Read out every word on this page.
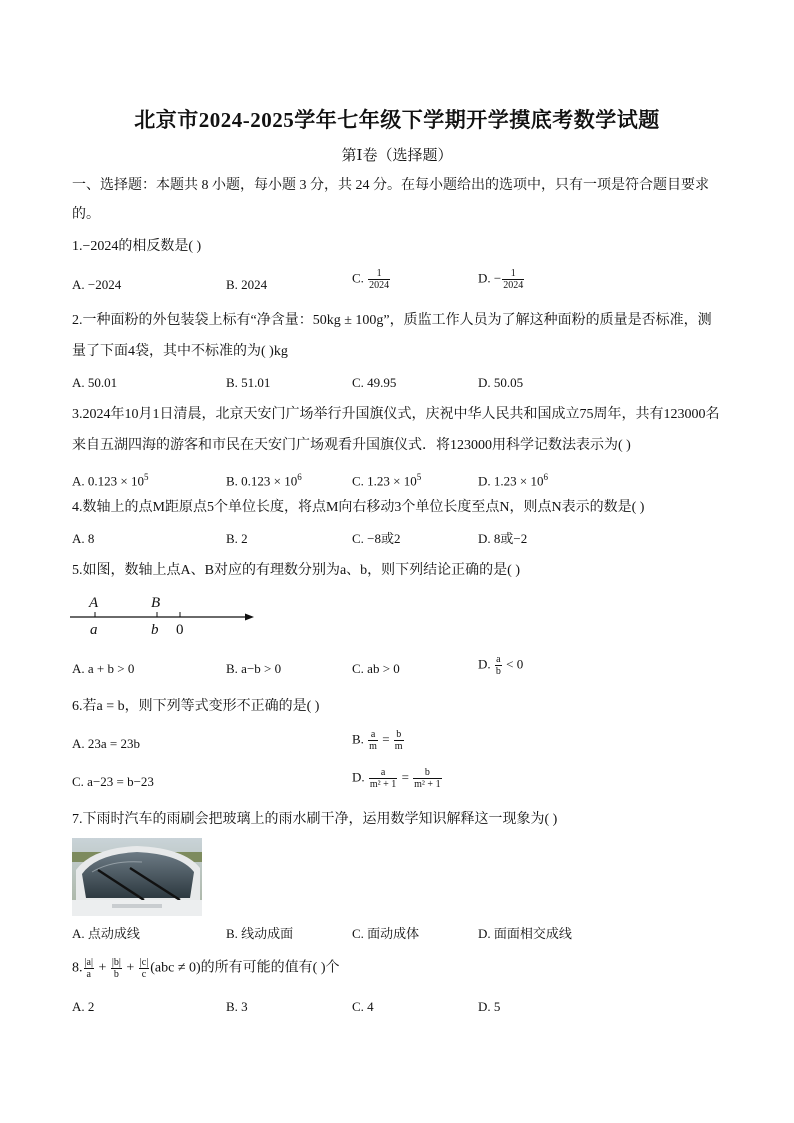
北京市2024-2025学年七年级下学期开学摸底考数学试题
第Ⅰ卷（选择题）
一、选择题：本题共 8 小题，每小题 3 分，共 24 分。在每小题给出的选项中，只有一项是符合题目要求
的。
1.−2024的相反数是( )
A. −2024	B. 2024	C. $\frac{1}{2024}$	D. − $\frac{1}{2024}$
2.一种面粉的外包装袋上标有“净含量：50kg ± 100g”，质监工作人员为了解这种面粉的质量是否标准，测
量了下面4袋，其中不标准的为( )kg
A. 50.01	B. 51.01	C. 49.95	D. 50.05
3.2024年10月1日清晨，北京天安门广场举行升国旗仪式，庆祝中华人民共和国成立75周年，共有123000名
来自五湖四海的游客和市民在天安门广场观看升国旗仪式．将123000用科学记数法表示为( )
A. $0.123 \times 10^5$	B. $0.123 \times 10^6$	C. $1.23 \times 10^5$	D. $1.23 \times 10^6$
4.数轴上的点M距原点5个单位长度，将点M向右移动3个单位长度至点N，则点N表示的数是( )
A. 8	B. 2	C. −8或2	D. 8或−2
5.如图，数轴上点A、B对应的有理数分别为a、b，则下列结论正确的是( )
A	B
a	b 0
A. a + b > 0	B. a−b > 0	C. ab > 0	D. $\frac{a}{b} < 0$
6.若a = b，则下列等式变形不正确的是( )
A. 23a = 23b	B. $\frac{a}{m} = \frac{b}{m}$
C. a−23 = b−23	D. $\frac{a}{\text{m² + 1}} = \frac{b}{\text{m² + 1}}$
7.下雨时汽车的雨刷会把玻璃上的雨水刷干净，运用数学知识解释这一现象为( )
A. 点动成线	B. 线动成面	C. 面动成体	D. 面面相交成线
8. $\frac{|a|}{a} + \frac{|b|}{b} + \frac{|c|}{c} (abc \ne 0)$的所有可能的值有( )个
A. 2	B. 3	C. 4	D. 5
